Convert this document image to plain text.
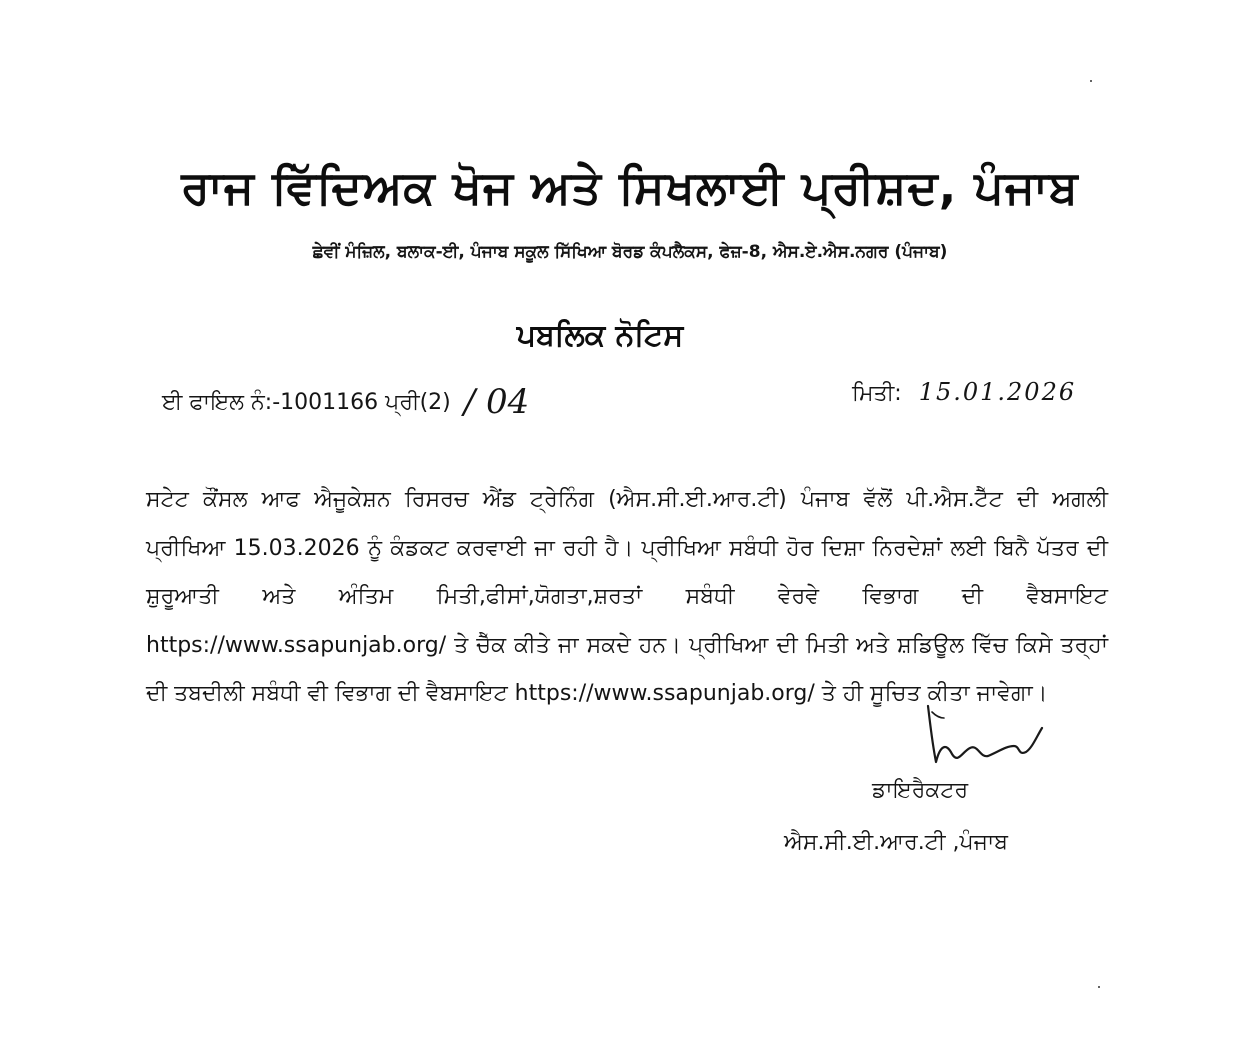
ਰਾਜ ਵਿੱਦਿਅਕ ਖੋਜ ਅਤੇ ਸਿਖਲਾਈ ਪ੍ਰੀਸ਼ਦ, ਪੰਜਾਬ
ਛੇਵੀਂ ਮੰਜ਼ਿਲ, ਬਲਾਕ-ਈ, ਪੰਜਾਬ ਸਕੂਲ ਸਿੱਖਿਆ ਬੋਰਡ ਕੰਪਲੈਕਸ, ਫੇਜ਼-8, ਐਸ.ਏ.ਐਸ.ਨਗਰ (ਪੰਜਾਬ)
ਪਬਲਿਕ ਨੋਟਿਸ
ਈ ਫਾਇਲ ਨੰ:-1001166 ਪ੍ਰੀ(2) / 04	ਮਿਤੀ: 15.01.2026
ਸਟੇਟ ਕੌਂਸਲ ਆਫ ਐਜੂਕੇਸ਼ਨ ਰਿਸਰਚ ਐਂਡ ਟ੍ਰੇਨਿੰਗ (ਐਸ.ਸੀ.ਈ.ਆਰ.ਟੀ) ਪੰਜਾਬ ਵੱਲੋਂ ਪੀ.ਐਸ.ਟੈੱਟ ਦੀ ਅਗਲੀ ਪ੍ਰੀਖਿਆ 15.03.2026 ਨੂੰ ਕੰਡਕਟ ਕਰਵਾਈ ਜਾ ਰਹੀ ਹੈ। ਪ੍ਰੀਖਿਆ ਸਬੰਧੀ ਹੋਰ ਦਿਸ਼ਾ ਨਿਰਦੇਸ਼ਾਂ ਲਈ ਬਿਨੈ ਪੱਤਰ ਦੀ ਸ਼ੁਰੂਆਤੀ ਅਤੇ ਅੰਤਿਮ ਮਿਤੀ,ਫੀਸਾਂ,ਯੋਗਤਾ,ਸ਼ਰਤਾਂ ਸਬੰਧੀ ਵੇਰਵੇ ਵਿਭਾਗ ਦੀ ਵੈਬਸਾਇਟ https://www.ssapunjab.org/ ਤੇ ਚੈੱਕ ਕੀਤੇ ਜਾ ਸਕਦੇ ਹਨ। ਪ੍ਰੀਖਿਆ ਦੀ ਮਿਤੀ ਅਤੇ ਸ਼ਡਿਊਲ ਵਿੱਚ ਕਿਸੇ ਤਰ੍ਹਾਂ ਦੀ ਤਬਦੀਲੀ ਸਬੰਧੀ ਵੀ ਵਿਭਾਗ ਦੀ ਵੈਬਸਾਇਟ https://www.ssapunjab.org/ ਤੇ ਹੀ ਸੂਚਿਤ ਕੀਤਾ ਜਾਵੇਗਾ।
ਡਾਇਰੈਕਟਰ
ਐਸ.ਸੀ.ਈ.ਆਰ.ਟੀ ,ਪੰਜਾਬ
